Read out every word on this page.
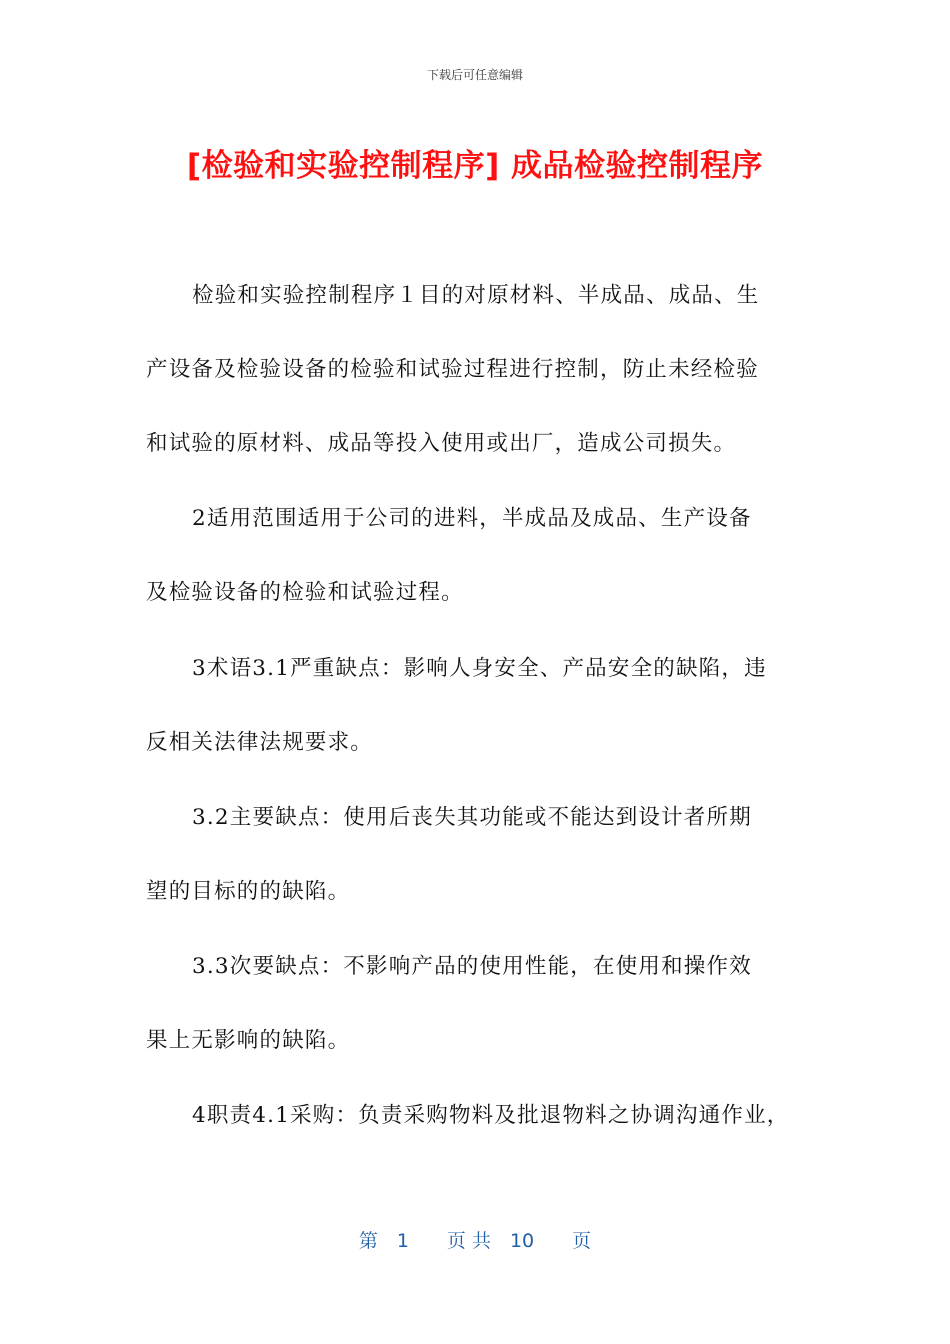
下载后可任意编辑
[检验和实验控制程序] 成品检验控制程序
检验和实验控制程序１目的对原材料、半成品、成品、生
产设备及检验设备的检验和试验过程进行控制，防止未经检验
和试验的原材料、成品等投入使用或出厂，造成公司损失。
2适用范围适用于公司的进料，半成品及成品、生产设备
及检验设备的检验和试验过程。
3术语3.1严重缺点：影响人身安全、产品安全的缺陷，违
反相关法律法规要求。
3.2主要缺点：使用后丧失其功能或不能达到设计者所期
望的目标的的缺陷。
3.3次要缺点：不影响产品的使用性能，在使用和操作效
果上无影响的缺陷。
4职责4.1采购：负责采购物料及批退物料之协调沟通作业，
第　1　　页 共　10　　页
